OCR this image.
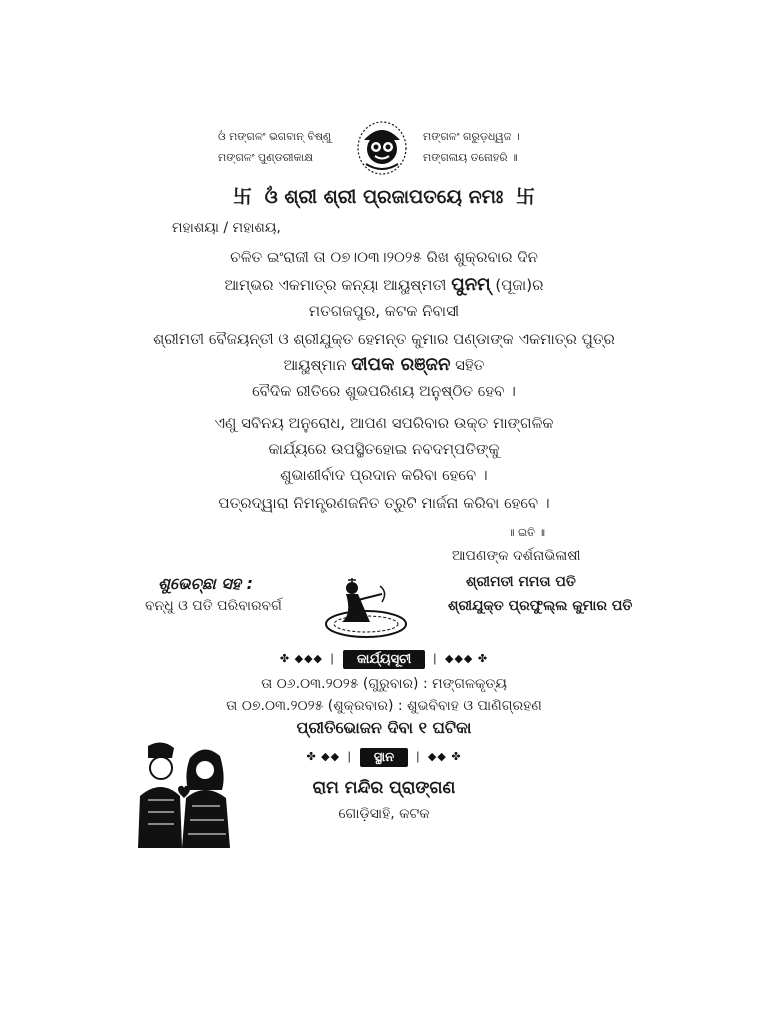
ଓଁ ମଙ୍ଗଳଂ ଭଗବାନ୍ ବିଷ୍ଣୁ
ମଙ୍ଗଳଂ ପୁଣ୍ଡରୀକାକ୍ଷ
ମଙ୍ଗଳଂ ଗରୁଡ଼ଧ୍ୱଜ ।
ମଙ୍ଗଳାୟ ତନୋହରି ॥
卐 ଓଁ ଶ୍ରୀ ଶ୍ରୀ ପ୍ରଜାପତୟେ ନମଃ 卐
ମହାଶୟା / ମହାଶୟ,
ଚଳିତ ଇଂରାଜୀ ତା ୦୭।୦୩।୨୦୨୫ ରିଖ ଶୁକ୍ରବାର ଦିନ
ଆମ୍ଭର ଏକମାତ୍ର କନ୍ୟା ଆୟୁଷ୍ମତୀ ପୁନମ୍ (ପୂଜା)ର
ମତଗଜପୁର, କଟକ ନିବାସୀ
ଶ୍ରୀମତୀ ବୈଜୟନ୍ତୀ ଓ ଶ୍ରୀଯୁକ୍ତ ହେମନ୍ତ କୁମାର ପଣ୍ଡାଙ୍କ ଏକମାତ୍ର ପୁତ୍ର
ଆୟୁଷ୍ମାନ ଦୀପକ ରଞ୍ଜନ ସହିତ
ବୈଦିକ ରୀତିରେ ଶୁଭପରିଣୟ ଅନୁଷ୍ଠିତ ହେବ ।
ଏଣୁ ସବିନୟ ଅନୁରୋଧ, ଆପଣ ସପରିବାର ଉକ୍ତ ମାଙ୍ଗଳିକ
କାର୍ଯ୍ୟରେ ଉପସ୍ଥିତହୋଇ ନବଦମ୍ପତିଙ୍କୁ
ଶୁଭାଶୀର୍ବାଦ ପ୍ରଦାନ କରିବା ହେବେ ।
ପତ୍ରଦ୍ୱାରା ନିମନ୍ତ୍ରଣଜନିତ ତ୍ରୁଟି ମାର୍ଜନା କରିବା ହେବେ ।
॥ ଇତି ॥
ଆପଣଙ୍କ ଦର୍ଶନାଭିଳାଷୀ
ଶ୍ରୀମତୀ ମମତା ପତି
ଶ୍ରୀଯୁକ୍ତ ପ୍ରଫୁଲ୍ଲ କୁମାର ପତି
ଶୁଭେଚ୍ଛା ସହ :
ବନ୍ଧୁ ଓ ପତି ପରିବାରବର୍ଗ
✤ ◆◆◆ ❘ କାର୍ଯ୍ୟସୂଚୀ ❘ ◆◆◆ ✤
ତା ୦୬.୦୩.୨୦୨୫ (ଗୁରୁବାର) : ମଙ୍ଗଳକୃତ୍ୟ
ତା ୦୭.୦୩.୨୦୨୫ (ଶୁକ୍ରବାର) : ଶୁଭବିବାହ ଓ ପାଣିଗ୍ରହଣ
ପ୍ରୀତିଭୋଜନ ଦିବା ୧ ଘଟିକା
✤ ◆◆ ❘ ସ୍ଥାନ ❘ ◆◆ ✤
ରାମ ମନ୍ଦିର ପ୍ରାଙ୍ଗଣ
ଗୋଡ଼ିସାହି, କଟକ
